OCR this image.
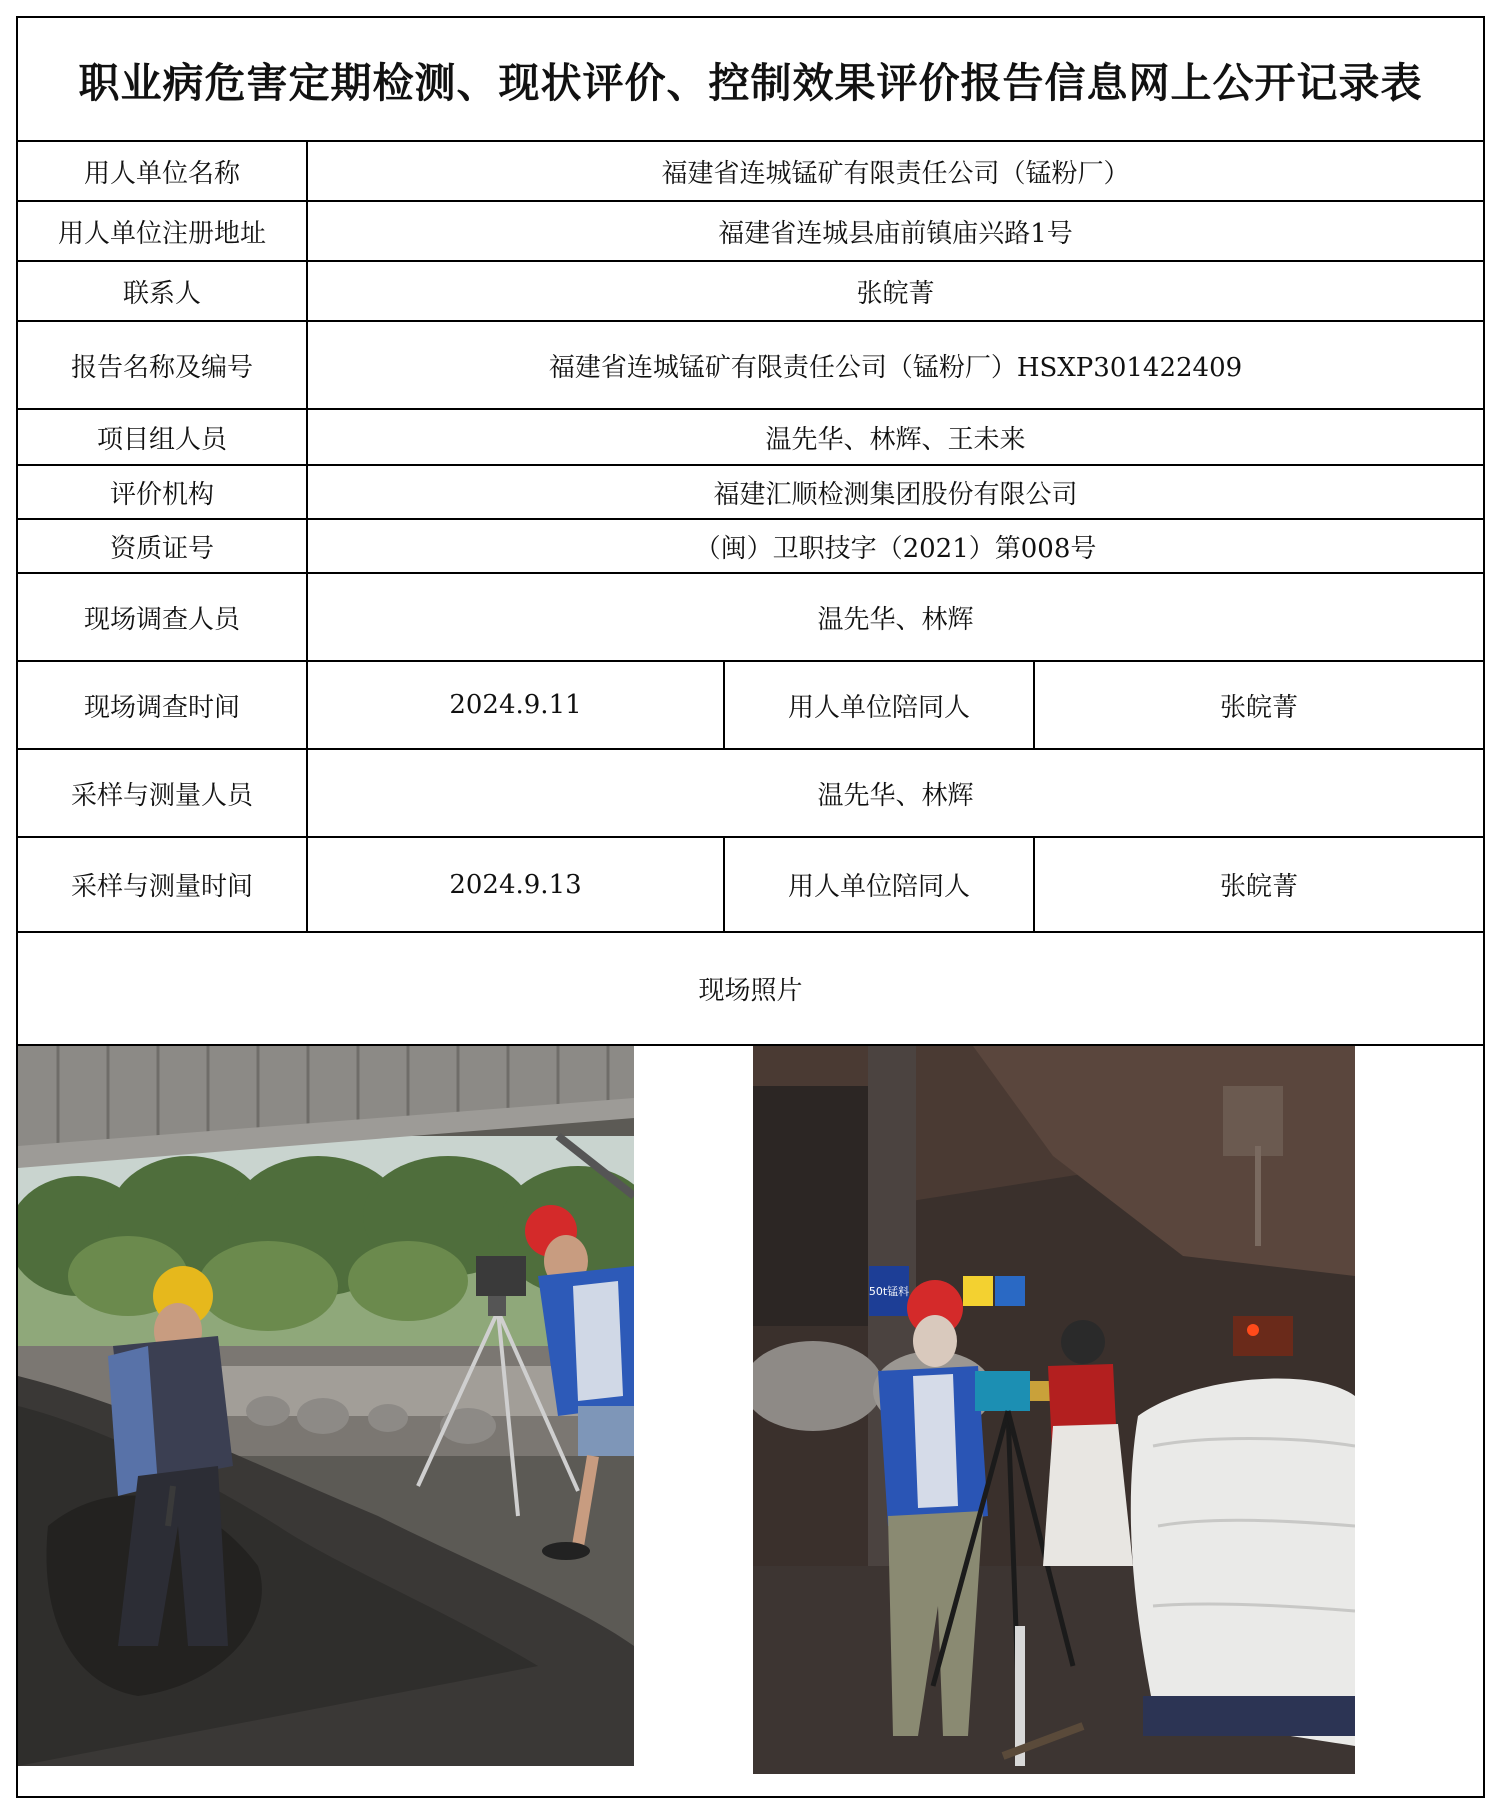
职业病危害定期检测、现状评价、控制效果评价报告信息网上公开记录表
用人单位名称	福建省连城锰矿有限责任公司（锰粉厂）
用人单位注册地址	福建省连城县庙前镇庙兴路1号
联系人	张皖菁
报告名称及编号	福建省连城锰矿有限责任公司（锰粉厂）HSXP301422409
项目组人员	温先华、林辉、王未来
评价机构	福建汇顺检测集团股份有限公司
资质证号	（闽）卫职技字（2021）第008号
现场调查人员	温先华、林辉
现场调查时间	2024.9.11	用人单位陪同人	张皖菁
采样与测量人员	温先华、林辉
采样与测量时间	2024.9.13	用人单位陪同人	张皖菁
现场照片
50t锰料
